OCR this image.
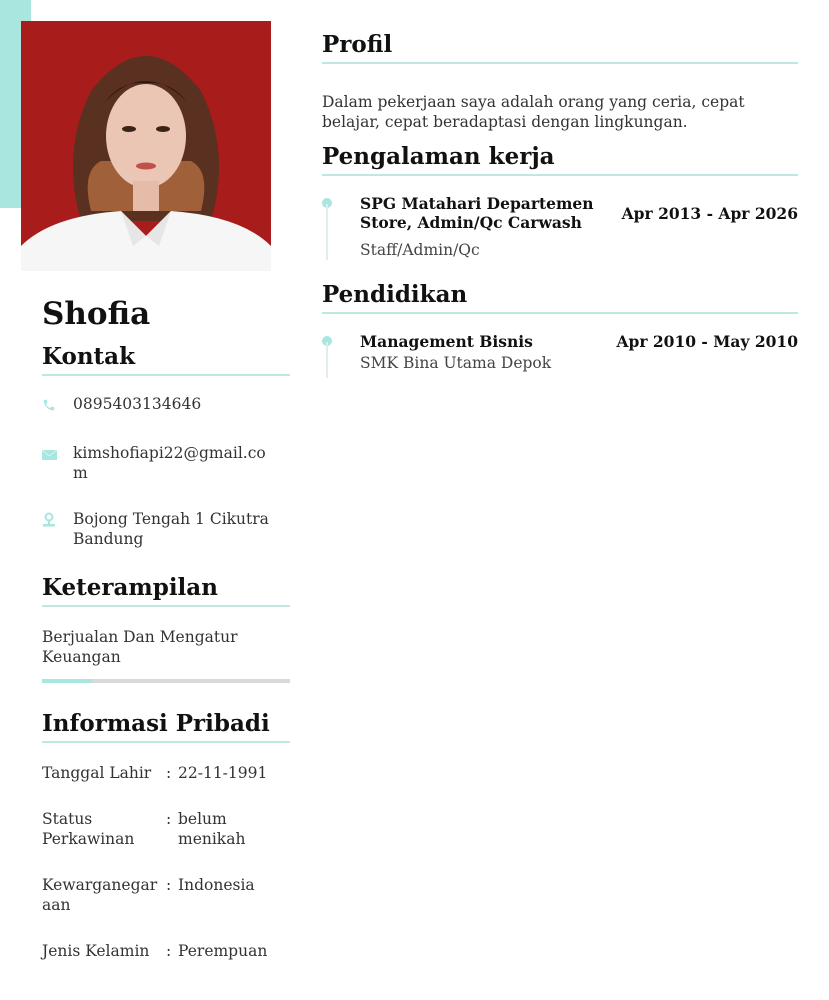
Shofia
Kontak
0895403134646
kimshofiapi22@gmail.com
Bojong Tengah 1 Cikutra Bandung
Keterampilan
Berjualan Dan Mengatur Keuangan
Informasi Pribadi
Tanggal Lahir : 22-11-1991
Status Perkawinan
: belum menikah
Kewarganegaraan
: Indonesia
Jenis Kelamin	: Perempuan
Profil
Dalam pekerjaan saya adalah orang yang ceria, cepat belajar, cepat beradaptasi dengan lingkungan.
Pengalaman kerja
SPG Matahari Departemen Store, Admin/Qc Carwash
Staff/Admin/Qc
Apr 2013 - Apr 2026
Pendidikan
Management Bisnis
SMK Bina Utama Depok
Apr 2010 - May 2010
